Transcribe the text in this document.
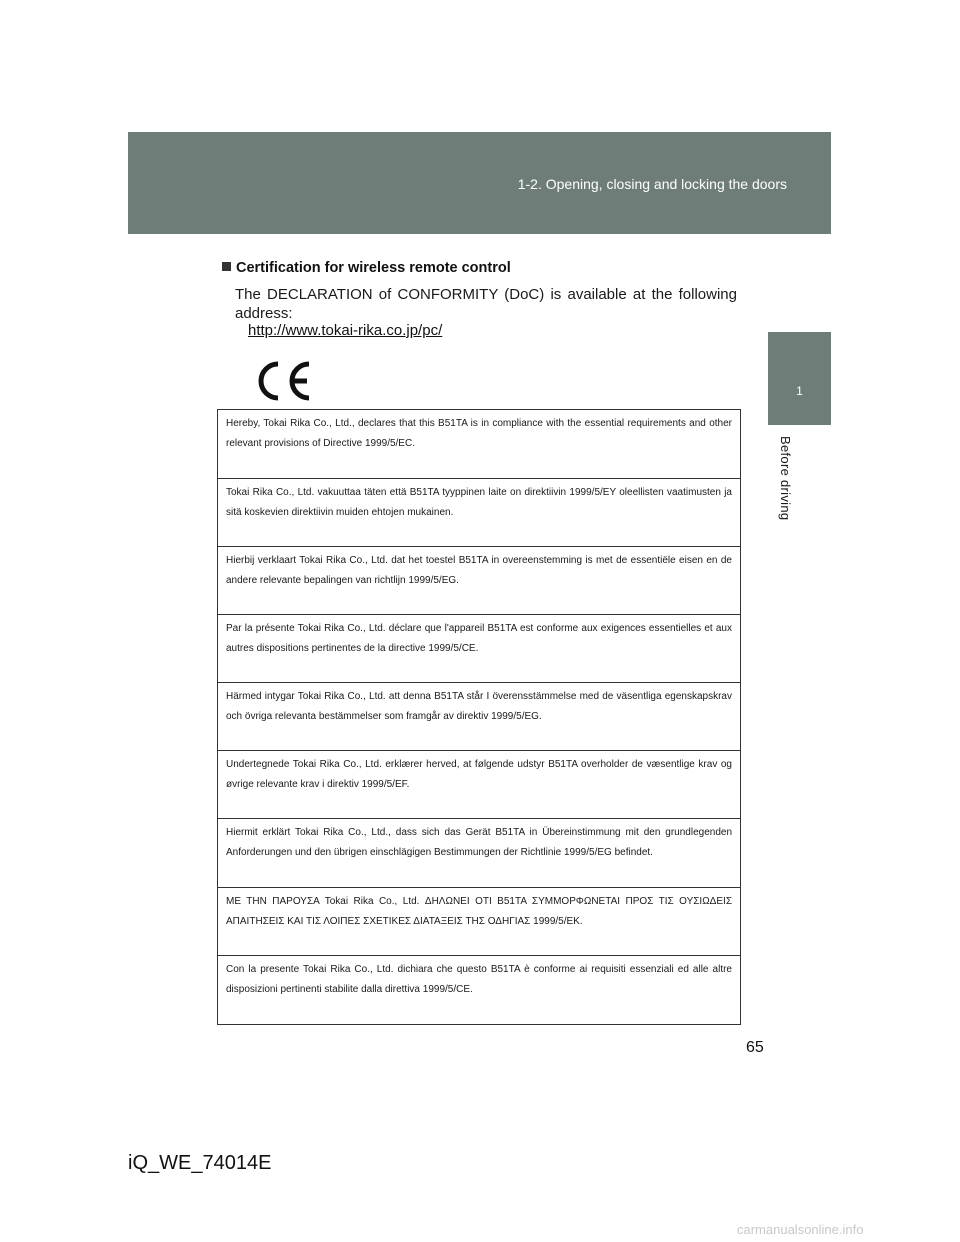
1-2. Opening, closing and locking the doors
1
Before driving
Certification for wireless remote control
The DECLARATION of CONFORMITY (DoC) is available at the following
address:
http://www.tokai-rika.co.jp/pc/
Hereby, Tokai Rika Co., Ltd., declares that this B51TA is in compliance with the essential requirements and other relevant provisions of Directive 1999/5/EC.
Tokai Rika Co., Ltd. vakuuttaa täten että B51TA tyyppinen laite on direktiivin 1999/5/EY oleellisten vaatimusten ja sitä koskevien direktiivin muiden ehtojen mukainen.
Hierbij verklaart Tokai Rika Co., Ltd. dat het toestel B51TA in overeenstemming is met de essentiële eisen en de andere relevante bepalingen van richtlijn 1999/5/EG.
Par la présente Tokai Rika Co., Ltd. déclare que l'appareil B51TA est conforme aux exigences essentielles et aux autres dispositions pertinentes de la directive 1999/5/CE.
Härmed intygar Tokai Rika Co., Ltd. att denna B51TA står I överensstämmelse med de väsentliga egenskapskrav och övriga relevanta bestämmelser som framgår av direktiv 1999/5/EG.
Undertegnede Tokai Rika Co., Ltd. erklærer herved, at følgende udstyr B51TA overholder de væsentlige krav og øvrige relevante krav i direktiv 1999/5/EF.
Hiermit erklärt Tokai Rika Co., Ltd., dass sich das Gerät B51TA in Übereinstimmung mit den grundlegenden Anforderungen und den übrigen einschlägigen Bestimmungen der Richtlinie 1999/5/EG befindet.
ΜΕ ΤΗΝ ΠΑΡΟΥΣΑ Tokai Rika Co., Ltd. ΔΗΛΩΝΕΙ ΟΤΙ B51TA ΣΥΜΜΟΡΦΩΝΕΤΑΙ ΠΡΟΣ ΤΙΣ ΟΥΣΙΩΔΕΙΣ ΑΠΑΙΤΗΣΕΙΣ ΚΑΙ ΤΙΣ ΛΟΙΠΕΣ ΣΧΕΤΙΚΕΣ ΔΙΑΤΑΞΕΙΣ ΤΗΣ ΟΔΗΓΙΑΣ 1999/5/ΕΚ.
Con la presente Tokai Rika Co., Ltd. dichiara che questo B51TA è conforme ai requisiti essenziali ed alle altre disposizioni pertinenti stabilite dalla direttiva 1999/5/CE.
65
iQ_WE_74014E
carmanualsonline.info
